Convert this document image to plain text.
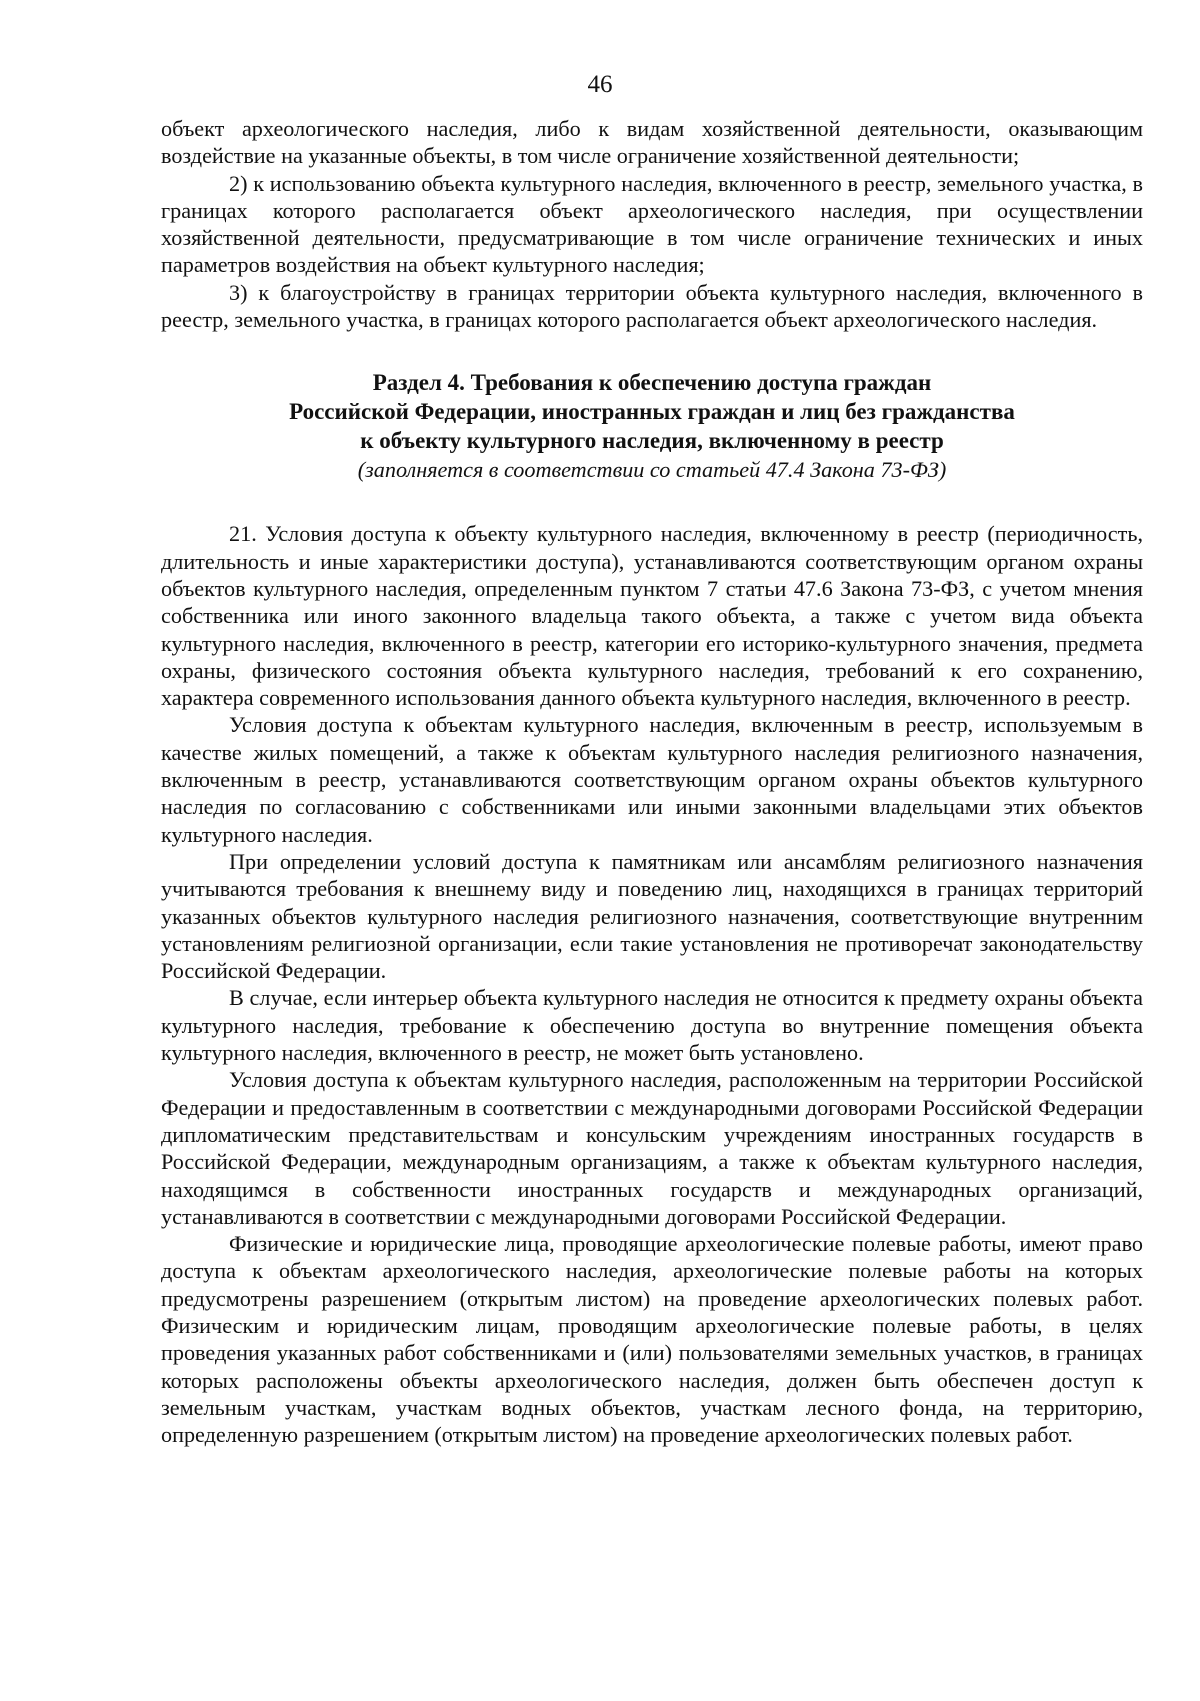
46

объект археологического наследия, либо к видам хозяйственной деятельности, оказывающим воздействие на указанные объекты, в том числе ограничение хозяйственной деятельности;

2) к использованию объекта культурного наследия, включенного в реестр, земельного участка, в границах которого располагается объект археологического наследия, при осуществлении хозяйственной деятельности, предусматривающие в том числе ограничение технических и иных параметров воздействия на объект культурного наследия;

3) к благоустройству в границах территории объекта культурного наследия, включенного в реестр, земельного участка, в границах которого располагается объект археологического наследия.

Раздел 4. Требования к обеспечению доступа граждан

Российской Федерации, иностранных граждан и лиц без гражданства

к объекту культурного наследия, включенному в реестр

(заполняется в соответствии со статьей 47.4 Закона 73-ФЗ)

21. Условия доступа к объекту культурного наследия, включенному в реестр (периодичность, длительность и иные характеристики доступа), устанавливаются соответствующим органом охраны объектов культурного наследия, определенным пунктом 7 статьи 47.6 Закона 73-ФЗ, с учетом мнения собственника или иного законного владельца такого объекта, а также с учетом вида объекта культурного наследия, включенного в реестр, категории его историко-культурного значения, предмета охраны, физического состояния объекта культурного наследия, требований к его сохранению, характера современного использования данного объекта культурного наследия, включенного в реестр.

Условия доступа к объектам культурного наследия, включенным в реестр, используемым в качестве жилых помещений, а также к объектам культурного наследия религиозного назначения, включенным в реестр, устанавливаются соответствующим органом охраны объектов культурного наследия по согласованию с собственниками или иными законными владельцами этих объектов культурного наследия.

При определении условий доступа к памятникам или ансамблям религиозного назначения учитываются требования к внешнему виду и поведению лиц, находящихся в границах территорий указанных объектов культурного наследия религиозного назначения, соответствующие внутренним установлениям религиозной организации, если такие установления не противоречат законодательству Российской Федерации.

В случае, если интерьер объекта культурного наследия не относится к предмету охраны объекта культурного наследия, требование к обеспечению доступа во внутренние помещения объекта культурного наследия, включенного в реестр, не может быть установлено.

Условия доступа к объектам культурного наследия, расположенным на территории Российской Федерации и предоставленным в соответствии с международными договорами Российской Федерации дипломатическим представительствам и консульским учреждениям иностранных государств в Российской Федерации, международным организациям, а также к объектам культурного наследия, находящимся в собственности иностранных государств и международных организаций, устанавливаются в соответствии с международными договорами Российской Федерации.

Физические и юридические лица, проводящие археологические полевые работы, имеют право доступа к объектам археологического наследия, археологические полевые работы на которых предусмотрены разрешением (открытым листом) на проведение археологических полевых работ. Физическим и юридическим лицам, проводящим археологические полевые работы, в целях проведения указанных работ собственниками и (или) пользователями земельных участков, в границах которых расположены объекты археологического наследия, должен быть обеспечен доступ к земельным участкам, участкам водных объектов, участкам лесного фонда, на территорию, определенную разрешением (открытым листом) на проведение археологических полевых работ.
